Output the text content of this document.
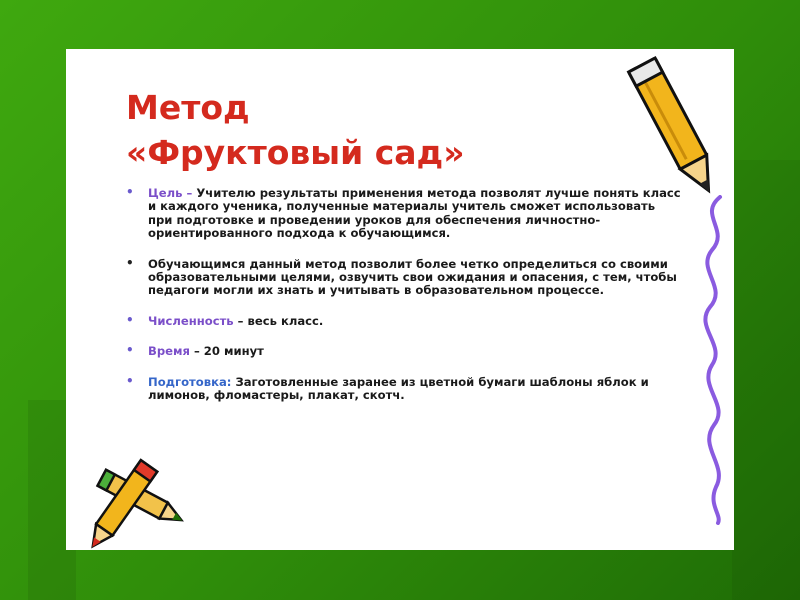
Метод
«Фруктовый сад»
• Цель – Учителю результаты применения метода позволят лучше понять класс и каждого ученика, полученные материалы учитель сможет использовать при подготовке и проведении уроков для обеспечения личностно-ориентированного подхода к обучающимся.
• Обучающимся данный метод позволит более четко определиться со своими образовательными целями, озвучить свои ожидания и опасения, с тем, чтобы педагоги могли их знать и учитывать в образовательном процессе.
• Численность – весь класс.
• Время – 20 минут
• Подготовка: Заготовленные заранее из цветной бумаги шаблоны яблок и лимонов, фломастеры, плакат, скотч.
